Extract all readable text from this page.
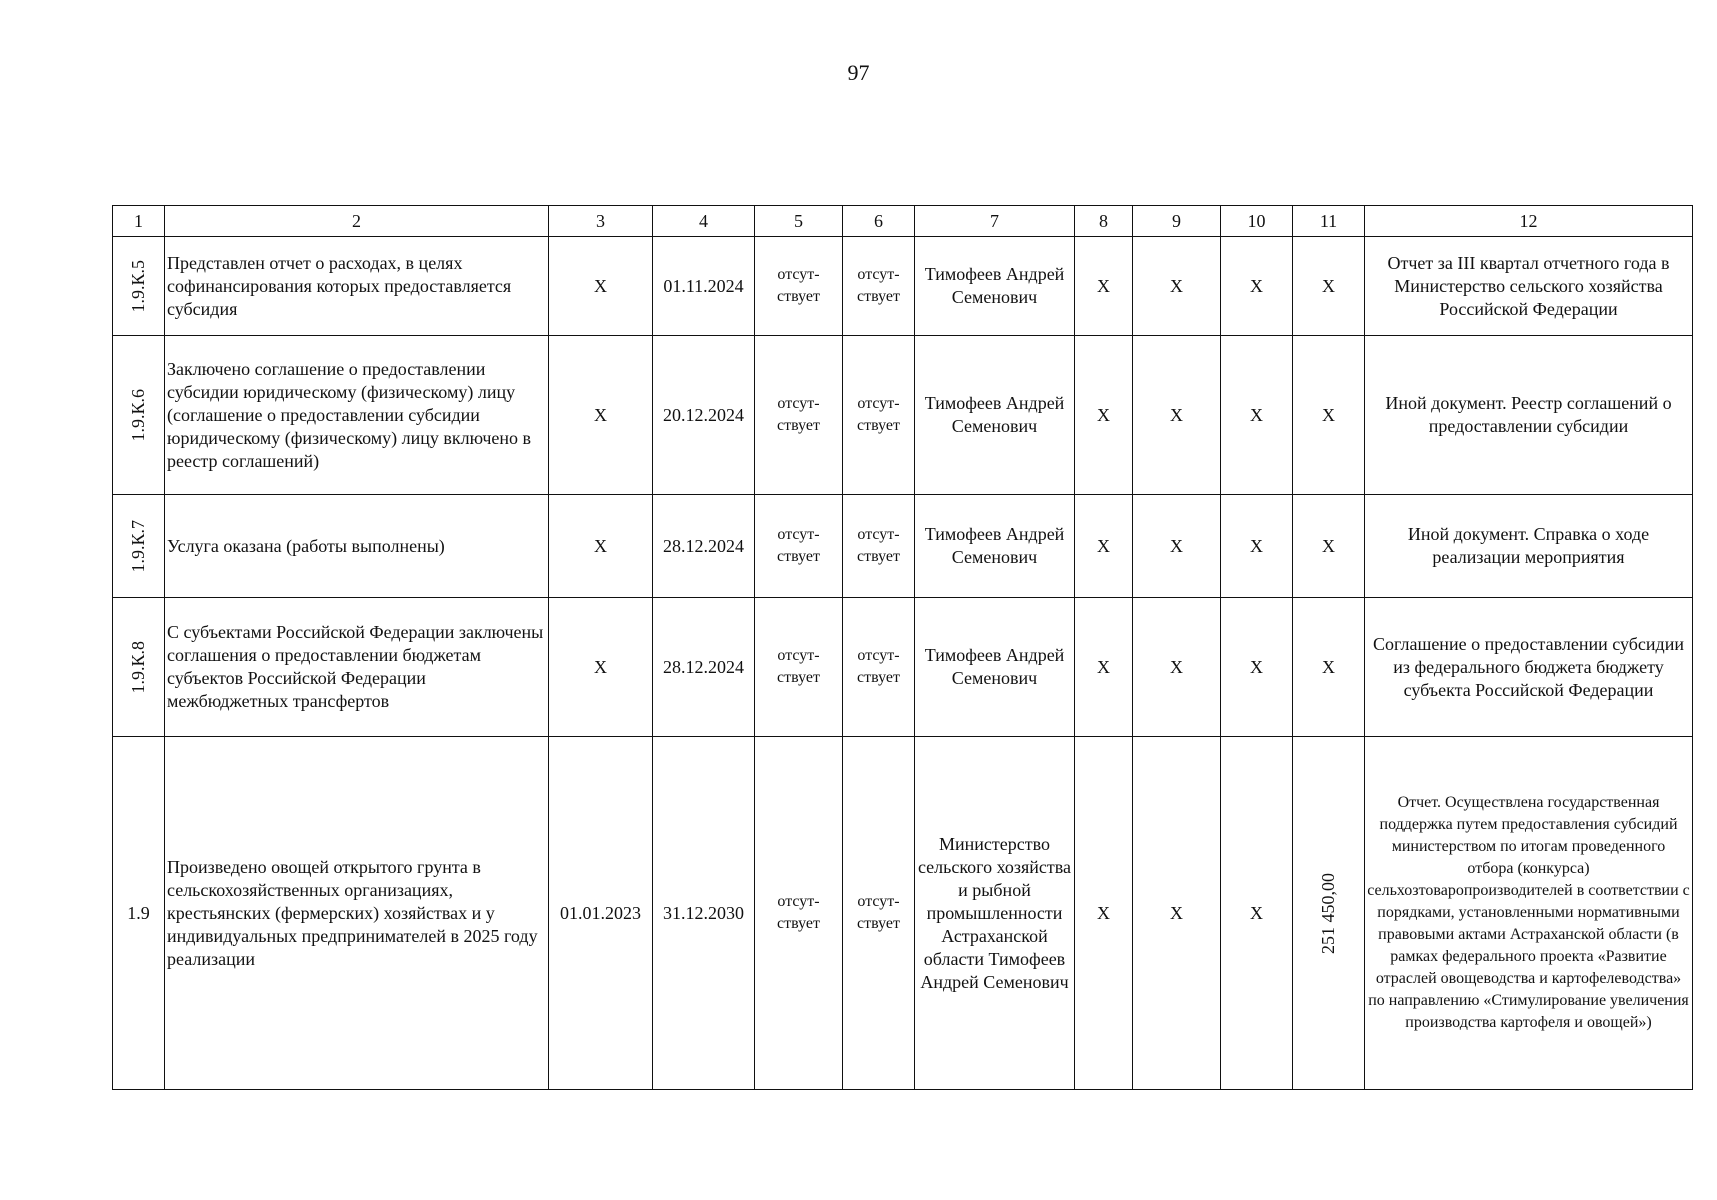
97
1	2	3	4	5	6	7	8	9	10	11	12

1.9.К.5	Представлен отчет о расходах, в целях софинансирования которых предоставляется субсидия	X	01.11.2024	отсут-ствует	отсут-ствует	Тимофеев Андрей Семенович	X	X	X	X	Отчет за III квартал отчетного года в Министерство сельского хозяйства Российской Федерации

1.9.К.6	Заключено соглашение о предоставлении субсидии юридическому (физическому) лицу (соглашение о предоставлении субсидии юридическому (физическому) лицу включено в реестр соглашений)	X	20.12.2024	отсут-ствует	отсут-ствует	Тимофеев Андрей Семенович	X	X	X	X	Иной документ. Реестр соглашений о предоставлении субсидии

1.9.К.7	Услуга оказана (работы выполнены)	X	28.12.2024	отсут-ствует	отсут-ствует	Тимофеев Андрей Семенович	X	X	X	X	Иной документ. Справка о ходе реализации мероприятия

1.9.К.8	С субъектами Российской Федерации заключены соглашения о предоставлении бюджетам субъектов Российской Федерации межбюджетных трансфертов	X	28.12.2024	отсут-ствует	отсут-ствует	Тимофеев Андрей Семенович	X	X	X	X	Соглашение о предоставлении субсидии из федерального бюджета бюджету субъекта Российской Федерации
1.9	Произведено овощей открытого грунта в сельскохозяйственных организациях, крестьянских (фермерских) хозяйствах и у индивидуальных предпринимателей в 2025 году реализации	01.01.2023	31.12.2030	отсут-ствует	отсут-ствует	Министерство сельского хозяйства и рыбной промышленности Астраханской области Тимофеев Андрей Семенович	X	X	X	251 450,00	Отчет. Осуществлена государственная поддержка путем предоставления субсидий министерством по итогам проведенного отбора (конкурса) сельхозтоваропроизводителей в соответствии с порядками, установленными нормативными правовыми актами Астраханской области (в рамках федерального проекта «Развитие отраслей овощеводства и картофелеводства» по направлению «Стимулирование увеличения производства картофеля и овощей»)
